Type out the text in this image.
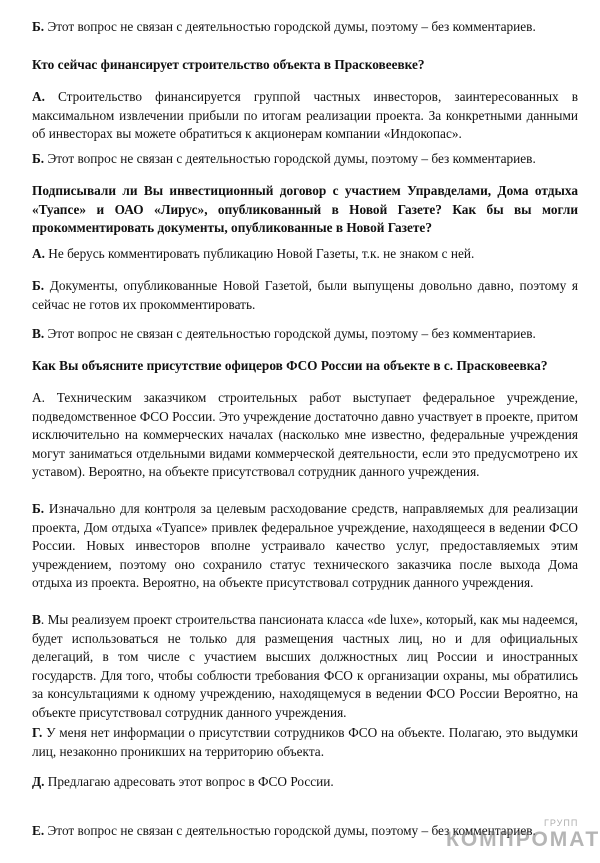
Б. Этот вопрос не связан с деятельностью городской думы, поэтому – без комментариев.

Кто сейчас финансирует строительство объекта в Прасковеевке?

А. Строительство финансируется группой частных инвесторов, заинтересованных в максимальном извлечении прибыли по итогам реализации проекта. За конкретными данными об инвесторах вы можете обратиться к акционерам компании «Индокопас».

Б. Этот вопрос не связан с деятельностью городской думы, поэтому – без комментариев.

Подписывали ли Вы инвестиционный договор с участием Управделами, Дома отдыха «Туапсе» и ОАО «Лирус», опубликованный в Новой Газете? Как бы вы могли прокомментировать документы, опубликованные в Новой Газете?

А. Не берусь комментировать публикацию Новой Газеты, т.к. не знаком с ней.

Б. Документы, опубликованные Новой Газетой, были выпущены довольно давно, поэтому я сейчас не готов их прокомментировать.

В. Этот вопрос не связан с деятельностью городской думы, поэтому – без комментариев.

Как Вы объясните присутствие офицеров ФСО России на объекте в с. Прасковеевка?

А. Техническим заказчиком строительных работ выступает федеральное учреждение, подведомственное ФСО России. Это учреждение достаточно давно участвует в проекте, притом исключительно на коммерческих началах (насколько мне известно, федеральные учреждения могут заниматься отдельными видами коммерческой деятельности, если это предусмотрено их уставом). Вероятно, на объекте присутствовал сотрудник данного учреждения.

Б. Изначально для контроля за целевым расходование средств, направляемых для реализации проекта, Дом отдыха «Туапсе» привлек федеральное учреждение, находящееся в ведении ФСО России. Новых инвесторов вполне устраивало качество услуг, предоставляемых этим учреждением, поэтому оно сохранило статус технического заказчика после выхода Дома отдыха из проекта. Вероятно, на объекте присутствовал сотрудник данного учреждения.

В. Мы реализуем проект строительства пансионата класса «de luxe», который, как мы надеемся, будет использоваться не только для размещения частных лиц, но и для официальных делегаций, в том числе с участием высших должностных лиц России и иностранных государств. Для того, чтобы соблюсти требования ФСО к организации охраны, мы обратились за консультациями к одному учреждению, находящемуся в ведении ФСО России Вероятно, на объекте присутствовал сотрудник данного учреждения.

Г. У меня нет информации о присутствии сотрудников ФСО на объекте. Полагаю, это выдумки лиц, незаконно проникших на территорию объекта.

Д. Предлагаю адресовать этот вопрос в ФСО России.

Е. Этот вопрос не связан с деятельностью городской думы, поэтому – без комментариев. ГРУПП
КОМПРОМАТ
